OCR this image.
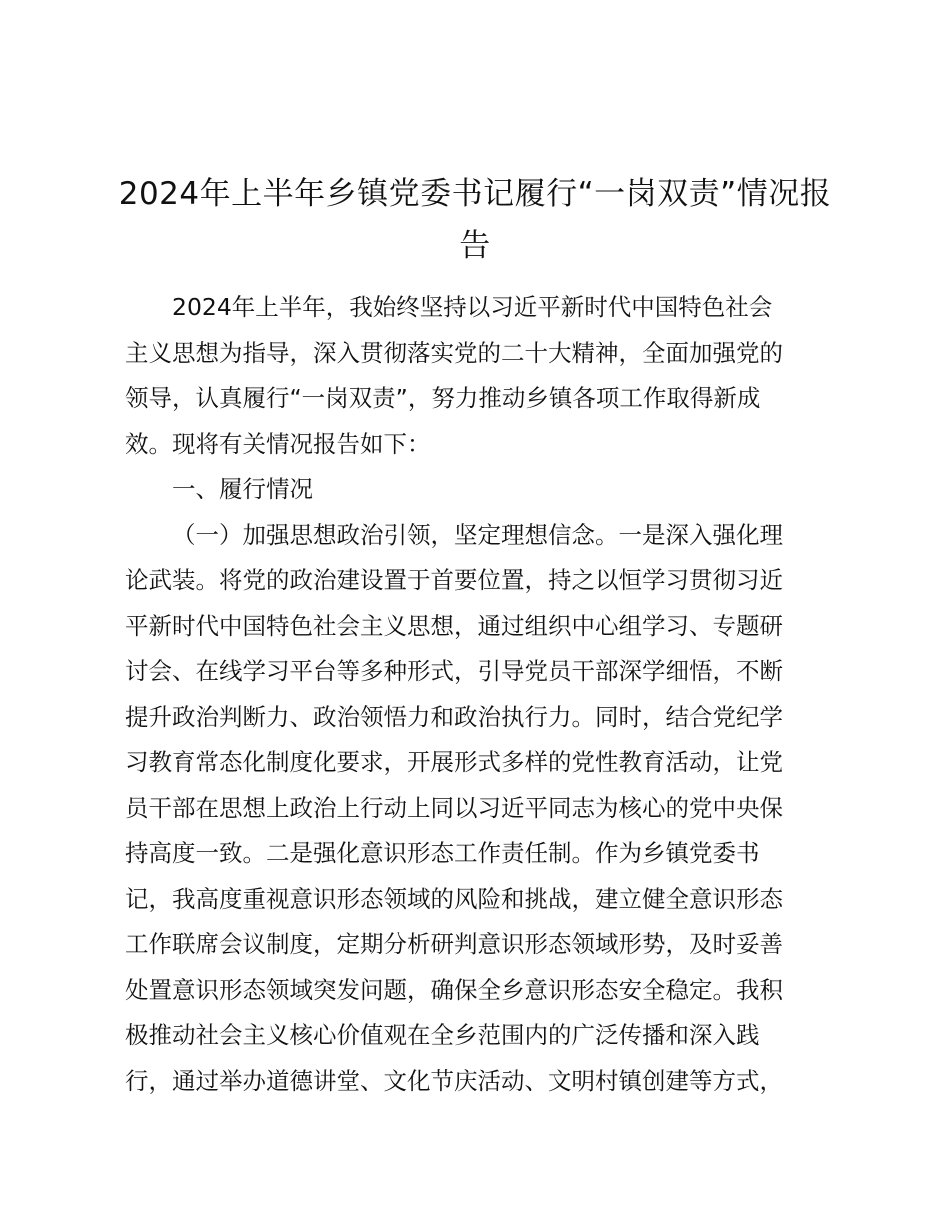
2024年上半年乡镇党委书记履行“一岗双责”情况报告
2024年上半年，我始终坚持以习近平新时代中国特色社会
主义思想为指导，深入贯彻落实党的二十大精神，全面加强党的
领导，认真履行“一岗双责”，努力推动乡镇各项工作取得新成
效。现将有关情况报告如下：
一、履行情况
（一）加强思想政治引领，坚定理想信念。一是深入强化理
论武装。将党的政治建设置于首要位置，持之以恒学习贯彻习近
平新时代中国特色社会主义思想，通过组织中心组学习、专题研
讨会、在线学习平台等多种形式，引导党员干部深学细悟，不断
提升政治判断力、政治领悟力和政治执行力。同时，结合党纪学
习教育常态化制度化要求，开展形式多样的党性教育活动，让党
员干部在思想上政治上行动上同以习近平同志为核心的党中央保
持高度一致。二是强化意识形态工作责任制。作为乡镇党委书
记，我高度重视意识形态领域的风险和挑战，建立健全意识形态
工作联席会议制度，定期分析研判意识形态领域形势，及时妥善
处置意识形态领域突发问题，确保全乡意识形态安全稳定。我积
极推动社会主义核心价值观在全乡范围内的广泛传播和深入践
行，通过举办道德讲堂、文化节庆活动、文明村镇创建等方式，
